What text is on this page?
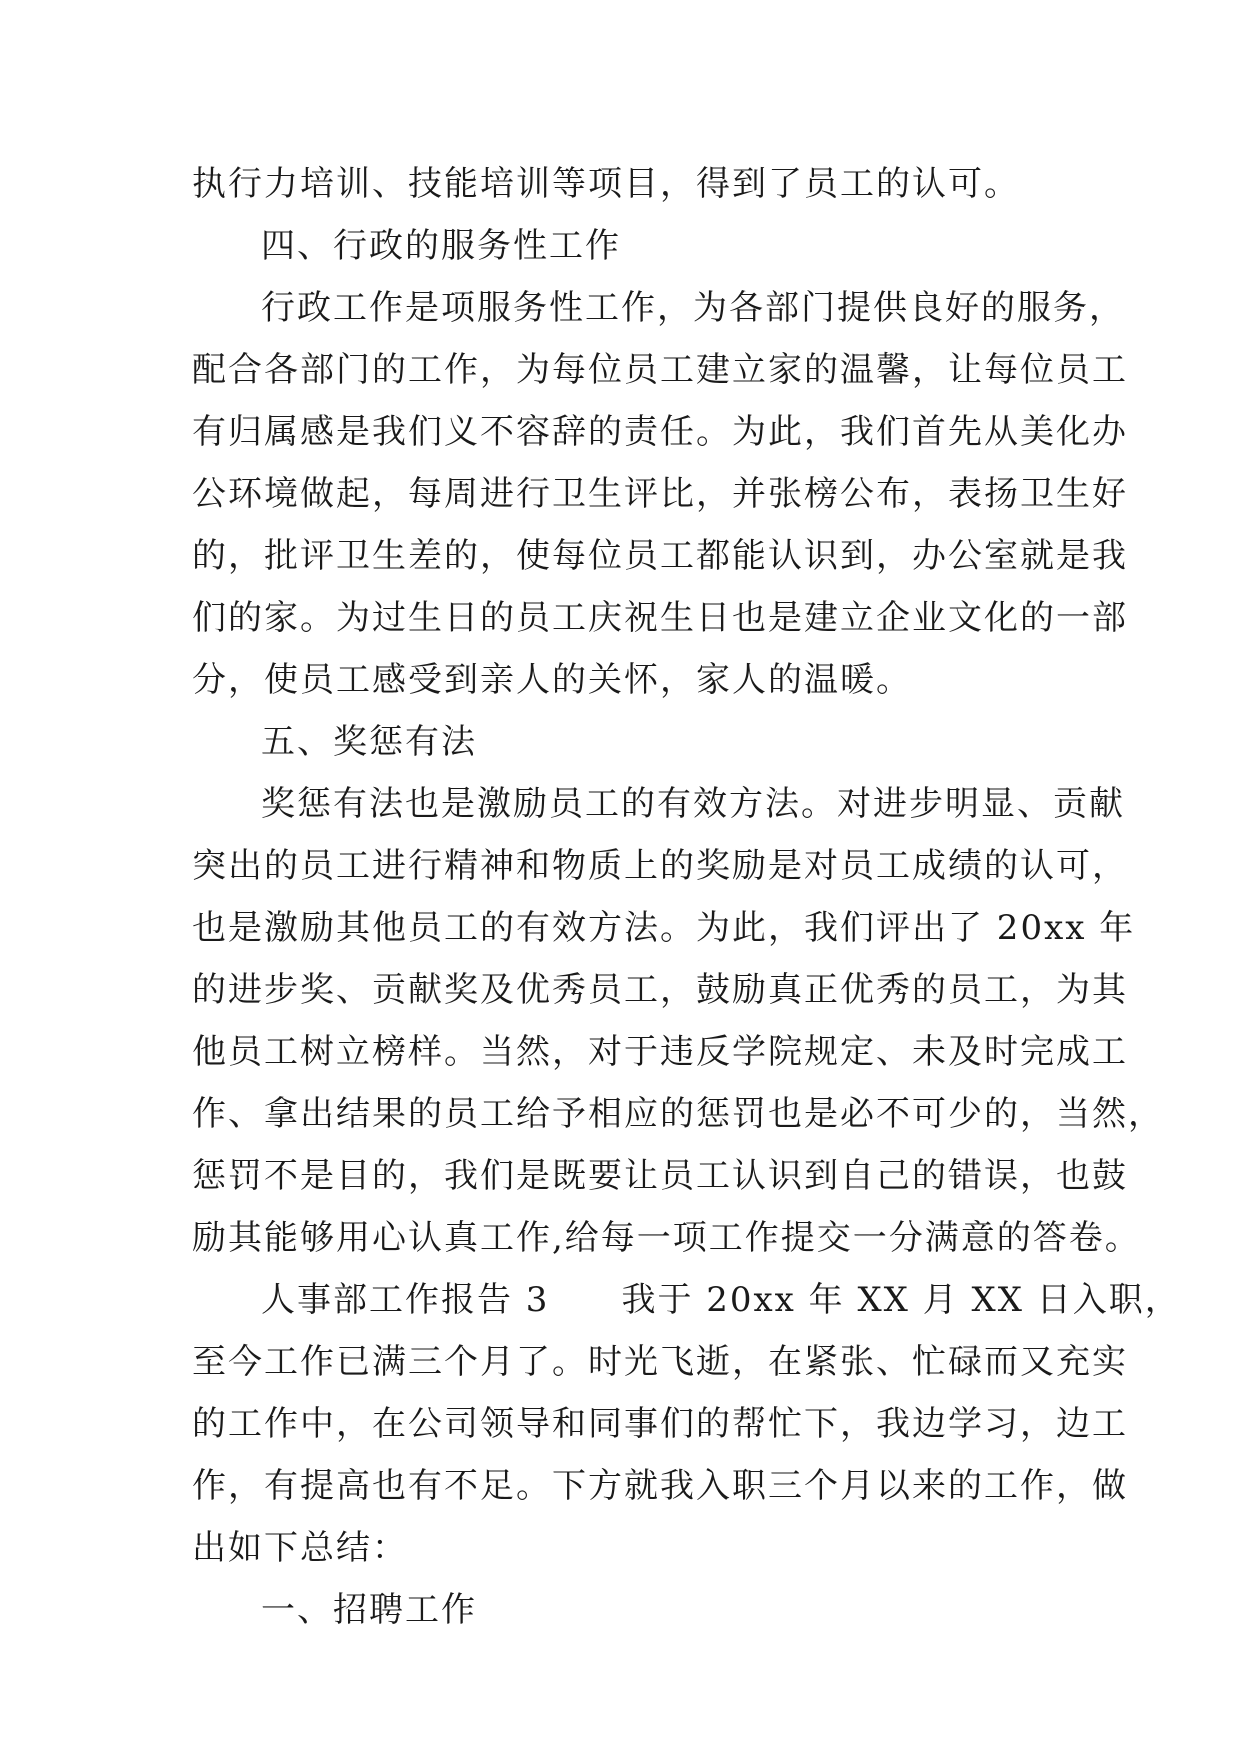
执行力培训、技能培训等项目，得到了员工的认可。
四、行政的服务性工作
行政工作是项服务性工作，为各部门提供良好的服务，
配合各部门的工作，为每位员工建立家的温馨，让每位员工
有归属感是我们义不容辞的责任。为此，我们首先从美化办
公环境做起，每周进行卫生评比，并张榜公布，表扬卫生好
的，批评卫生差的，使每位员工都能认识到，办公室就是我
们的家。为过生日的员工庆祝生日也是建立企业文化的一部
分，使员工感受到亲人的关怀，家人的温暖。
五、奖惩有法
奖惩有法也是激励员工的有效方法。对进步明显、贡献
突出的员工进行精神和物质上的奖励是对员工成绩的认可，
也是激励其他员工的有效方法。为此，我们评出了 20xx 年
的进步奖、贡献奖及优秀员工，鼓励真正优秀的员工，为其
他员工树立榜样。当然，对于违反学院规定、未及时完成工
作、拿出结果的员工给予相应的惩罚也是必不可少的，当然，
惩罚不是目的，我们是既要让员工认识到自己的错误，也鼓
励其能够用心认真工作,给每一项工作提交一分满意的答卷。
人事部工作报告 3　　我于 20xx 年 XX 月 XX 日入职，
至今工作已满三个月了。时光飞逝，在紧张、忙碌而又充实
的工作中，在公司领导和同事们的帮忙下，我边学习，边工
作，有提高也有不足。下方就我入职三个月以来的工作，做
出如下总结：
一、招聘工作
